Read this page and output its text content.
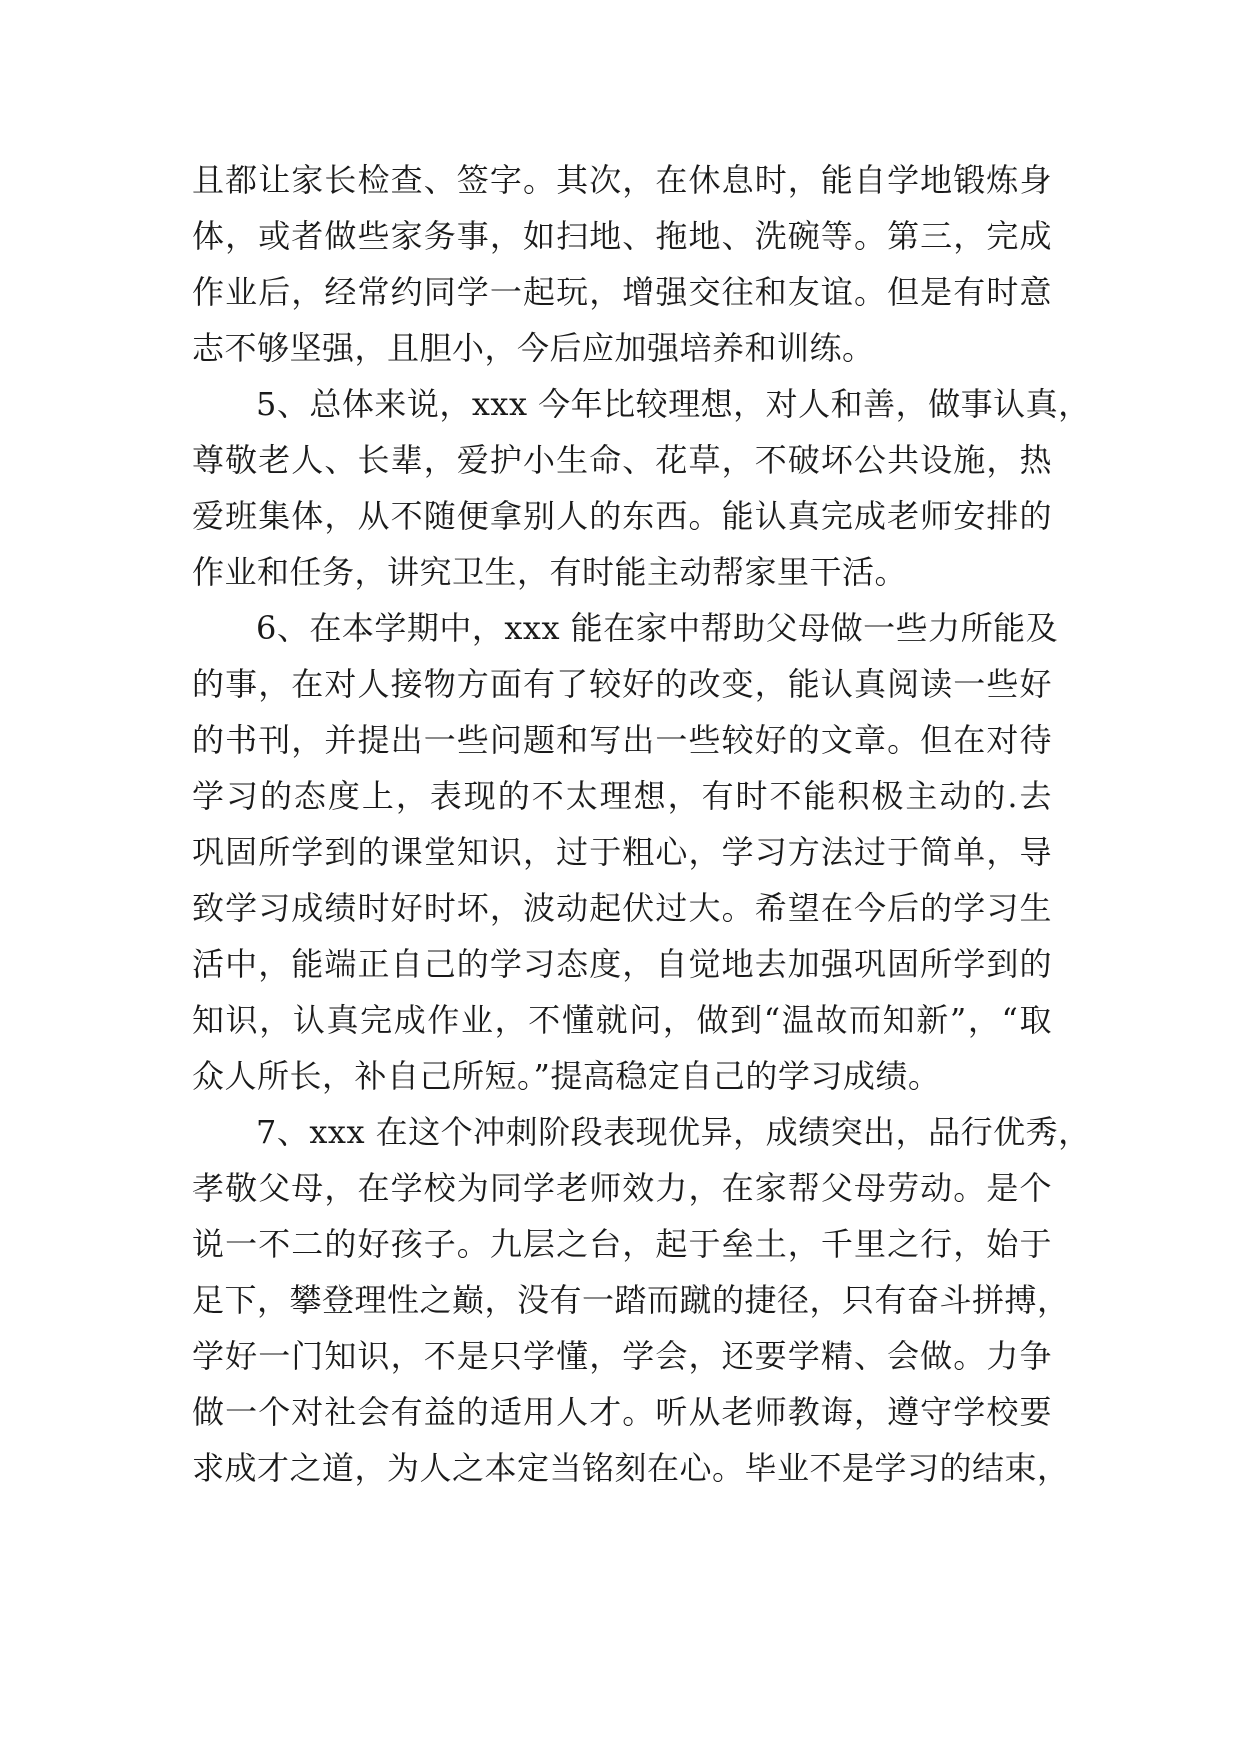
且都让家长检查、签字。其次，在休息时，能自学地锻炼身
体，或者做些家务事，如扫地、拖地、洗碗等。第三，完成
作业后，经常约同学一起玩，增强交往和友谊。但是有时意
志不够坚强，且胆小，今后应加强培养和训练。
5、总体来说，xxx 今年比较理想，对人和善，做事认真，
尊敬老人、长辈，爱护小生命、花草，不破坏公共设施，热
爱班集体，从不随便拿别人的东西。能认真完成老师安排的
作业和任务，讲究卫生，有时能主动帮家里干活。
6、在本学期中，xxx 能在家中帮助父母做一些力所能及
的事，在对人接物方面有了较好的改变，能认真阅读一些好
的书刊，并提出一些问题和写出一些较好的文章。但在对待
学习的态度上，表现的不太理想，有时不能积极主动的.去
巩固所学到的课堂知识，过于粗心，学习方法过于简单，导
致学习成绩时好时坏，波动起伏过大。希望在今后的学习生
活中，能端正自己的学习态度，自觉地去加强巩固所学到的
知识，认真完成作业，不懂就问，做到“温故而知新”，“取
众人所长，补自己所短。”提高稳定自己的学习成绩。
7、xxx 在这个冲刺阶段表现优异，成绩突出，品行优秀，
孝敬父母，在学校为同学老师效力，在家帮父母劳动。是个
说一不二的好孩子。九层之台，起于垒土，千里之行，始于
足下，攀登理性之巅，没有一踏而蹴的捷径，只有奋斗拼搏，
学好一门知识，不是只学懂，学会，还要学精、会做。力争
做一个对社会有益的适用人才。听从老师教诲，遵守学校要
求成才之道，为人之本定当铭刻在心。毕业不是学习的结束，
